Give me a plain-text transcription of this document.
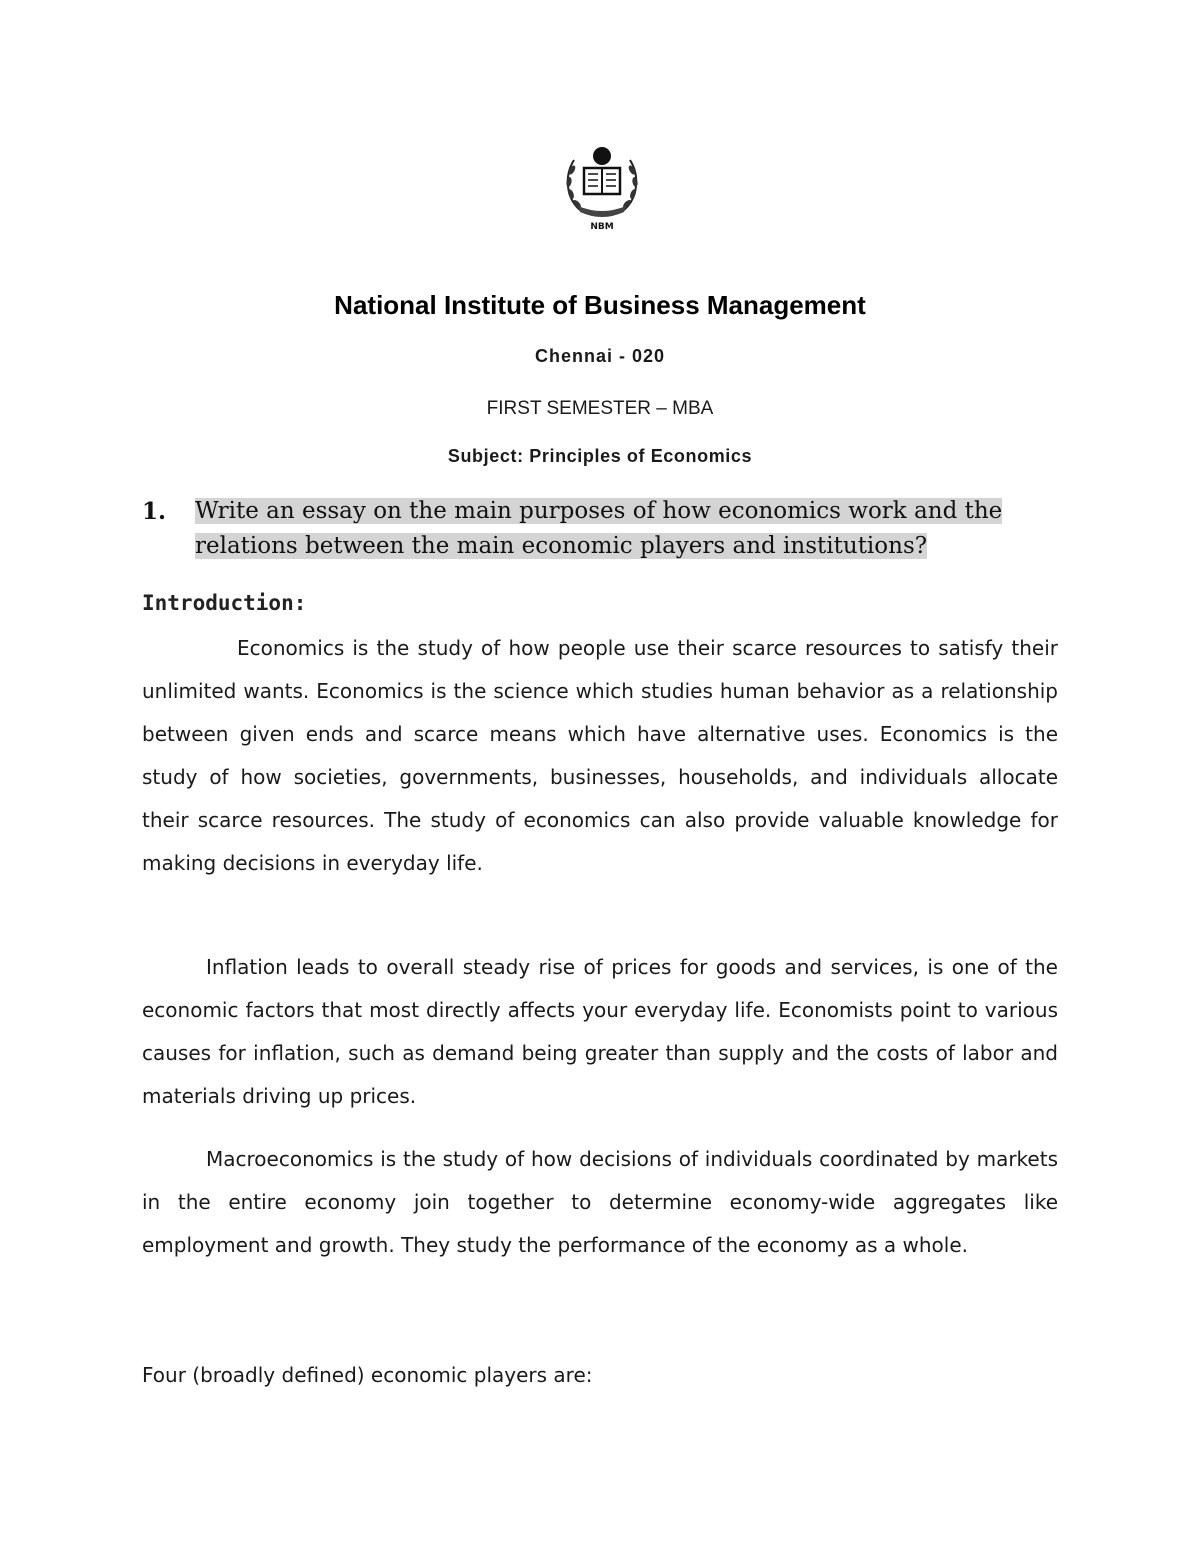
NBM
National Institute of Business Management
Chennai - 020
FIRST SEMESTER – MBA
Subject: Principles of Economics
1. Write an essay on the main purposes of how economics work and the
relations between the main economic players and institutions?
Introduction:

Economics is the study of how people use their scarce resources to satisfy their unlimited wants. Economics is the science which studies human behavior as a relationship between given ends and scarce means which have alternative uses. Economics is the study of how societies, governments, businesses, households, and individuals allocate their scarce resources. The study of economics can also provide valuable knowledge for making decisions in everyday life.

Inflation leads to overall steady rise of prices for goods and services, is one of the economic factors that most directly affects your everyday life. Economists point to various causes for inflation, such as demand being greater than supply and the costs of labor and materials driving up prices.

Macroeconomics is the study of how decisions of individuals coordinated by markets in the entire economy join together to determine economy-wide aggregates like employment and growth. They study the performance of the economy as a whole.

Four (broadly defined) economic players are:
